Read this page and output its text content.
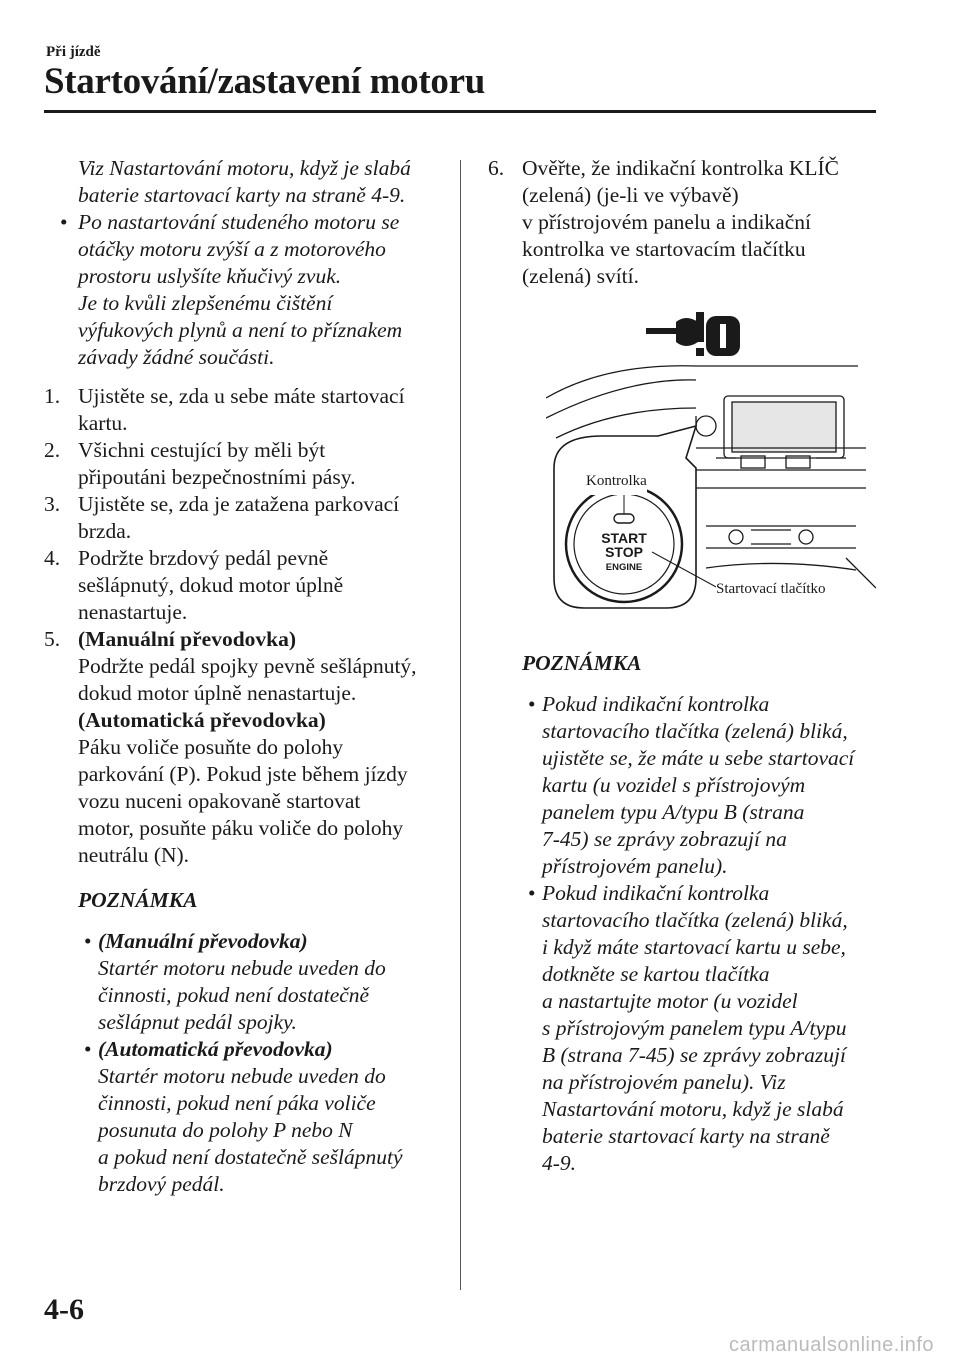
Při jízdě
Startování/zastavení motoru
Viz Nastartování motoru, když je slabá
baterie startovací karty na straně 4-9.
• Po nastartování studeného motoru se
otáčky motoru zvýší a z motorového
prostoru uslyšíte kňučivý zvuk.
Je to kvůli zlepšenému čištění
výfukových plynů a není to příznakem
závady žádné součásti.
1. Ujistěte se, zda u sebe máte startovací
kartu.
2. Všichni cestující by měli být
připoutáni bezpečnostními pásy.
3. Ujistěte se, zda je zatažena parkovací
brzda.
4. Podržte brzdový pedál pevně
sešlápnutý, dokud motor úplně
nenastartuje.
5. (Manuální převodovka)
Podržte pedál spojky pevně sešlápnutý,
dokud motor úplně nenastartuje.
(Automatická převodovka)
Páku voliče posuňte do polohy
parkování (P). Pokud jste během jízdy
vozu nuceni opakovaně startovat
motor, posuňte páku voliče do polohy
neutrálu (N).
POZNÁMKA
• (Manuální převodovka)
Startér motoru nebude uveden do
činnosti, pokud není dostatečně
sešlápnut pedál spojky.
• (Automatická převodovka)
Startér motoru nebude uveden do
činnosti, pokud není páka voliče
posunuta do polohy P nebo N
a pokud není dostatečně sešlápnutý
brzdový pedál.
6. Ověřte, že indikační kontrolka KLÍČ
(zelená) (je-li ve výbavě)
v přístrojovém panelu a indikační
kontrolka ve startovacím tlačítku
(zelená) svítí.
START
STOP
ENGINE
Kontrolka
Startovací tlačítko
POZNÁMKA
• Pokud indikační kontrolka
startovacího tlačítka (zelená) bliká,
ujistěte se, že máte u sebe startovací
kartu (u vozidel s přístrojovým
panelem typu A/typu B (strana
7-45) se zprávy zobrazují na
přístrojovém panelu).
• Pokud indikační kontrolka
startovacího tlačítka (zelená) bliká,
i když máte startovací kartu u sebe,
dotkněte se kartou tlačítka
a nastartujte motor (u vozidel
s přístrojovým panelem typu A/typu
B (strana 7-45) se zprávy zobrazují
na přístrojovém panelu). Viz
Nastartování motoru, když je slabá
baterie startovací karty na straně
4-9.
4-6
carmanualsonline.info
